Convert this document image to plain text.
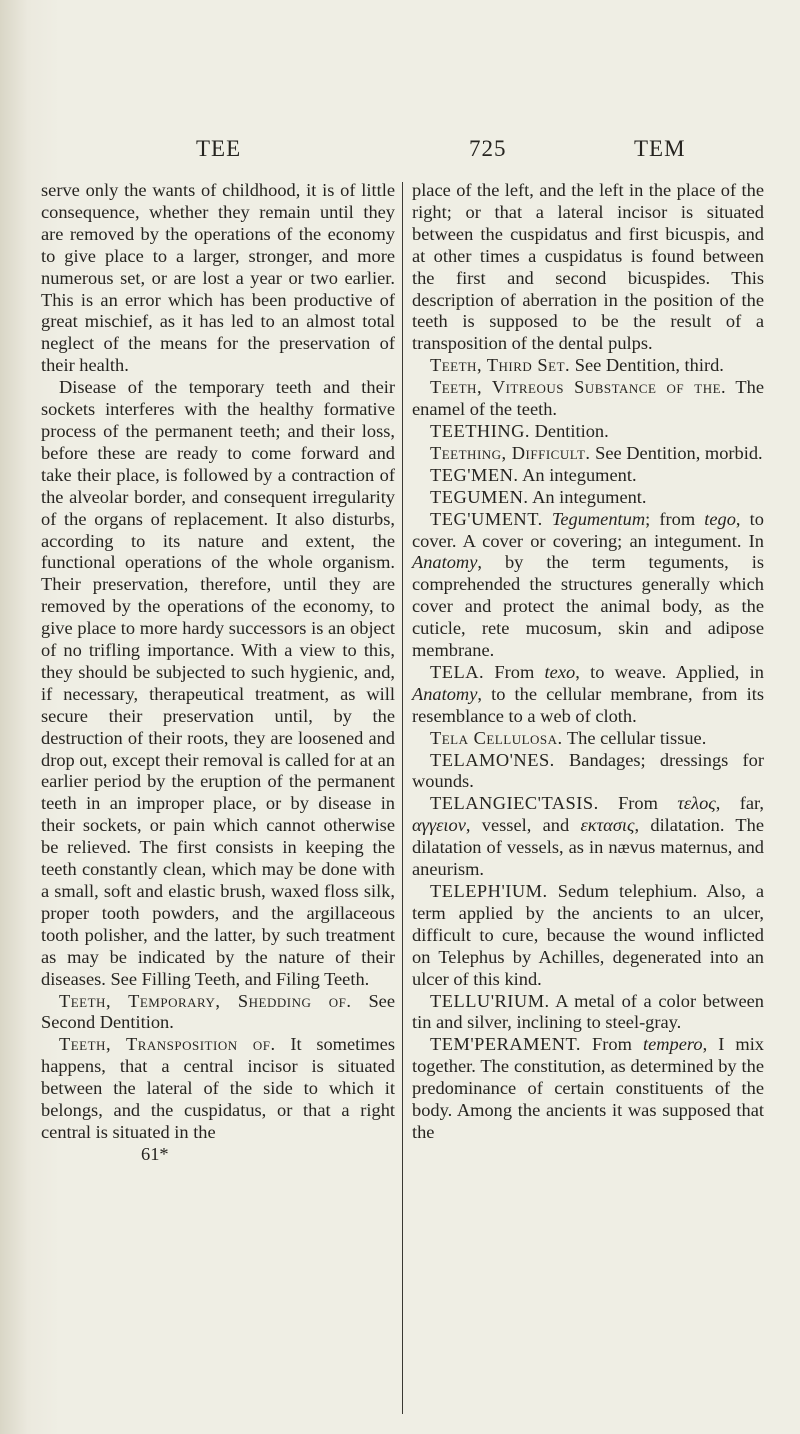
TEE	725	TEM

serve only the wants of childhood, it is of little consequence, whether they remain until they are removed by the operations of the economy to give place to a larger, stronger, and more numerous set, or are lost a year or two earlier. This is an error which has been productive of great mischief, as it has led to an almost total neglect of the means for the preservation of their health.

Disease of the temporary teeth and their sockets interferes with the healthy formative process of the permanent teeth; and their loss, before these are ready to come forward and take their place, is followed by a contraction of the alveolar border, and consequent irregularity of the organs of replacement. It also disturbs, according to its nature and extent, the functional operations of the whole organism. Their preservation, therefore, until they are removed by the operations of the economy, to give place to more hardy successors is an object of no trifling importance. With a view to this, they should be subjected to such hygienic, and, if necessary, therapeutical treatment, as will secure their preservation until, by the destruction of their roots, they are loosened and drop out, except their removal is called for at an earlier period by the eruption of the permanent teeth in an improper place, or by disease in their sockets, or pain which cannot otherwise be relieved. The first consists in keeping the teeth constantly clean, which may be done with a small, soft and elastic brush, waxed floss silk, proper tooth powders, and the argillaceous tooth polisher, and the latter, by such treatment as may be indicated by the nature of their diseases. See Filling Teeth, and Filing Teeth.

Teeth, Temporary, Shedding of. See Second Dentition.

Teeth, Transposition of. It sometimes happens, that a central incisor is situated between the lateral of the side to which it belongs, and the cuspidatus, or that a right central is situated in the

61*

place of the left, and the left in the place of the right; or that a lateral incisor is situated between the cuspidatus and first bicuspis, and at other times a cuspidatus is found between the first and second bicuspides. This description of aberration in the position of the teeth is supposed to be the result of a transposition of the dental pulps.

Teeth, Third Set. See Dentition, third.

Teeth, Vitreous Substance of the. The enamel of the teeth.

TEETHING. Dentition.

Teething, Difficult. See Dentition, morbid.

TEG'MEN. An integument.

TEGUMEN. An integument.

TEG'UMENT. Tegumentum; from tego, to cover. A cover or covering; an integument. In Anatomy, by the term teguments, is comprehended the structures generally which cover and protect the animal body, as the cuticle, rete mucosum, skin and adipose membrane.

TELA. From texo, to weave. Applied, in Anatomy, to the cellular membrane, from its resemblance to a web of cloth.

Tela Cellulosa. The cellular tissue.

TELAMO'NES. Bandages; dressings for wounds.

TELANGIEC'TASIS. From τελος, far, αγγειον, vessel, and εκτασις, dilatation. The dilatation of vessels, as in nævus maternus, and aneurism.

TELEPH'IUM. Sedum telephium. Also, a term applied by the ancients to an ulcer, difficult to cure, because the wound inflicted on Telephus by Achilles, degenerated into an ulcer of this kind.

TELLU'RIUM. A metal of a color between tin and silver, inclining to steel-gray.

TEM'PERAMENT. From tempero, I mix together. The constitution, as determined by the predominance of certain constituents of the body. Among the ancients it was supposed that the
